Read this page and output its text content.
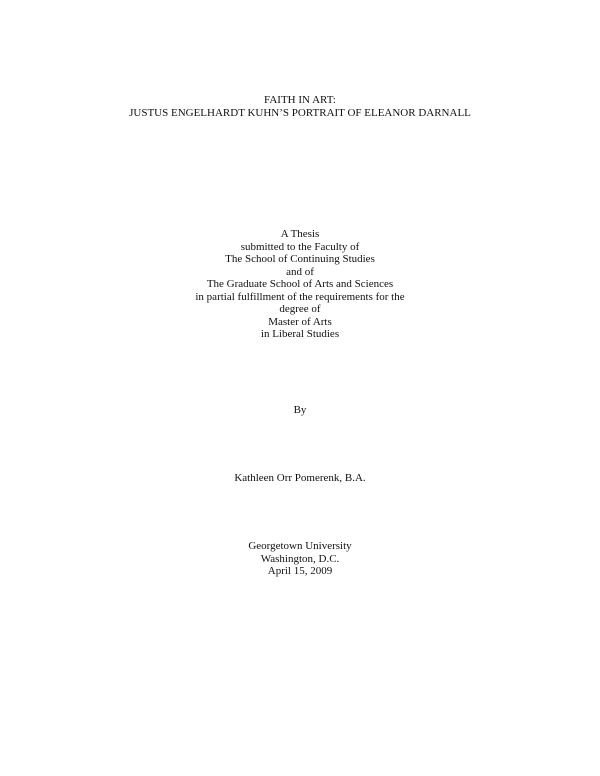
FAITH IN ART:
JUSTUS ENGELHARDT KUHN’S PORTRAIT OF ELEANOR DARNALL
A Thesis
submitted to the Faculty of
The School of Continuing Studies
and of
The Graduate School of Arts and Sciences
in partial fulfillment of the requirements for the
degree of
Master of Arts
in Liberal Studies
By
Kathleen Orr Pomerenk, B.A.
Georgetown University
Washington, D.C.
April 15, 2009
